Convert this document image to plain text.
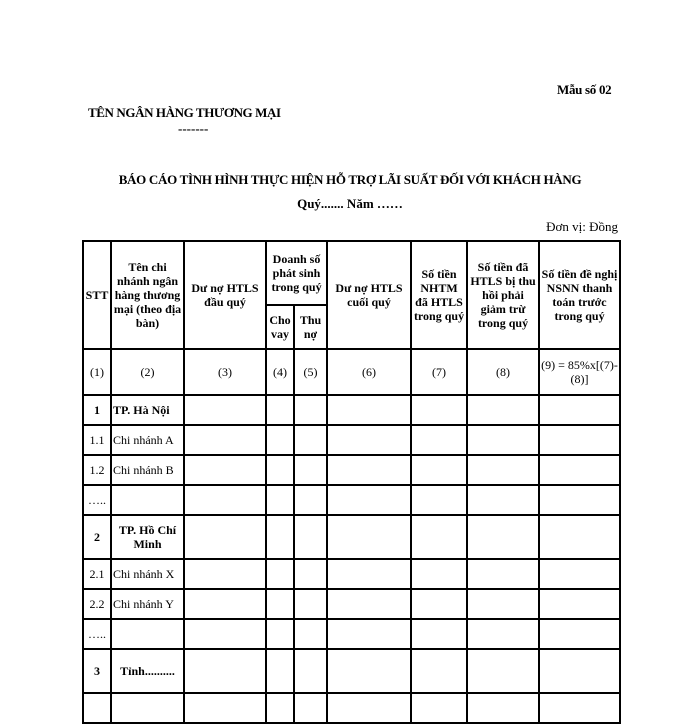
Mẫu số 02
TÊN NGÂN HÀNG THƯƠNG MẠI
-------
BÁO CÁO TÌNH HÌNH THỰC HIỆN HỖ TRỢ LÃI SUẤT ĐỐI VỚI KHÁCH HÀNG
Quý....... Năm ……
Đơn vị: Đồng
STT	Tên chi nhánh ngân hàng thương mại (theo địa bàn)	Dư nợ HTLS đầu quý	Doanh số phát sinh trong quý		Dư nợ HTLS cuối quý	Số tiền NHTM đã HTLS trong quý	Số tiền đã HTLS bị thu hồi phải giảm trừ trong quý	Số tiền đề nghị NSNN thanh toán trước trong quý
			Cho vay	Thu nợ				
(1)	(2)	(3)	(4)	(5)	(6)	(7)	(8)	(9) = 85%x[(7)-(8)]
1	TP. Hà Nội							
1.1	Chi nhánh A							
1.2	Chi nhánh B							
…..								
2	TP. Hồ Chí Minh							
2.1	Chi nhánh X							
2.2	Chi nhánh Y							
…..								
3	Tỉnh..........							
